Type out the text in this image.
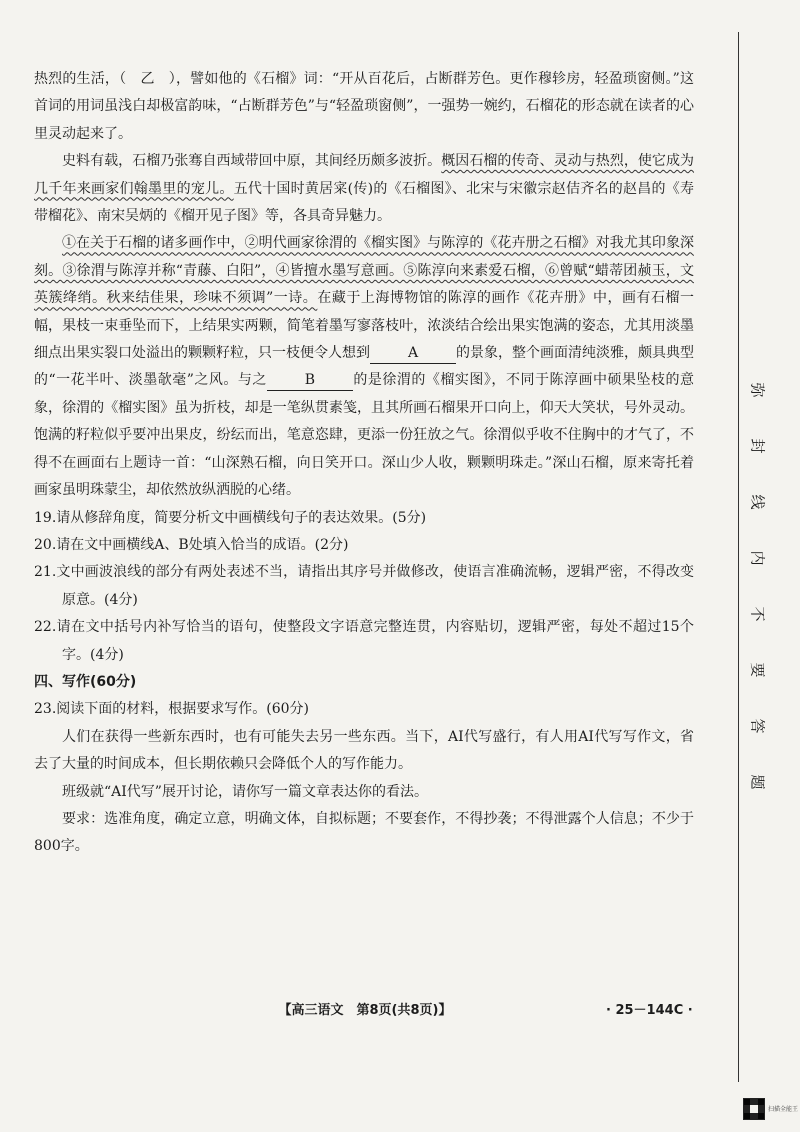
热烈的生活，（　乙　），譬如他的《石榴》词：“开从百花后，占断群芳色。更作穆轸房，轻盈琐窗侧。”这首词的用词虽浅白却极富韵味，“占断群芳色”与“轻盈琐窗侧”，一强势一婉约，石榴花的形态就在读者的心里灵动起来了。

史料有载，石榴乃张骞自西域带回中原，其间经历颇多波折。概因石榴的传奇、灵动与热烈，使它成为几千年来画家们翰墨里的宠儿。五代十国时黄居寀(传)的《石榴图》、北宋与宋徽宗赵佶齐名的赵昌的《寿带榴花》、南宋吴炳的《榴开见子图》等，各具奇异魅力。

①在关于石榴的诸多画作中，②明代画家徐渭的《榴实图》与陈淳的《花卉册之石榴》对我尤其印象深刻。③徐渭与陈淳并称“青藤、白阳”，④皆擅水墨写意画。⑤陈淳向来素爱石榴，⑥曾赋“蜡蒂团赪玉，文英簇绛绡。秋来结佳果，珍味不须调”一诗。在藏于上海博物馆的陈淳的画作《花卉册》中，画有石榴一幅，果枝一束垂坠而下，上结果实两颗，简笔着墨写寥落枝叶，浓淡结合绘出果实饱满的姿态，尤其用淡墨细点出果实裂口处溢出的颗颗籽粒，只一枝便令人想到	A	的景象，整个画面清纯淡雅，颇具典型的“一花半叶、淡墨欹毫”之风。与之	B	的是徐渭的《榴实图》，不同于陈淳画中硕果坠枝的意象，徐渭的《榴实图》虽为折枝，却是一笔纵贯素笺，且其所画石榴果开口向上，仰天大笑状，号外灵动。饱满的籽粒似乎要冲出果皮，纷纭而出，笔意恣肆，更添一份狂放之气。徐渭似乎收不住胸中的才气了，不得不在画面右上题诗一首：“山深熟石榴，向日笑开口。深山少人收，颗颗明珠走。”深山石榴，原来寄托着画家虽明珠蒙尘，却依然放纵洒脱的心绪。

19.请从修辞角度，简要分析文中画横线句子的表达效果。(5分)

20.请在文中画横线A、B处填入恰当的成语。(2分)

21.文中画波浪线的部分有两处表述不当，请指出其序号并做修改，使语言准确流畅，逻辑严密，不得改变原意。(4分)

22.请在文中括号内补写恰当的语句，使整段文字语意完整连贯，内容贴切，逻辑严密，每处不超过15个字。(4分)

四、写作(60分)

23.阅读下面的材料，根据要求写作。(60分)

人们在获得一些新东西时，也有可能失去另一些东西。当下，AI代写盛行，有人用AI代写写作文，省去了大量的时间成本，但长期依赖只会降低个人的写作能力。

班级就“AI代写”展开讨论，请你写一篇文章表达你的看法。

要求：选准角度，确定立意，明确文体，自拟标题；不要套作，不得抄袭；不得泄露个人信息；不少于800字。

弥
封
线
内
不
要
答
题
【高三语文　第8页(共8页)】	· 25－144C ·
扫描全能王
